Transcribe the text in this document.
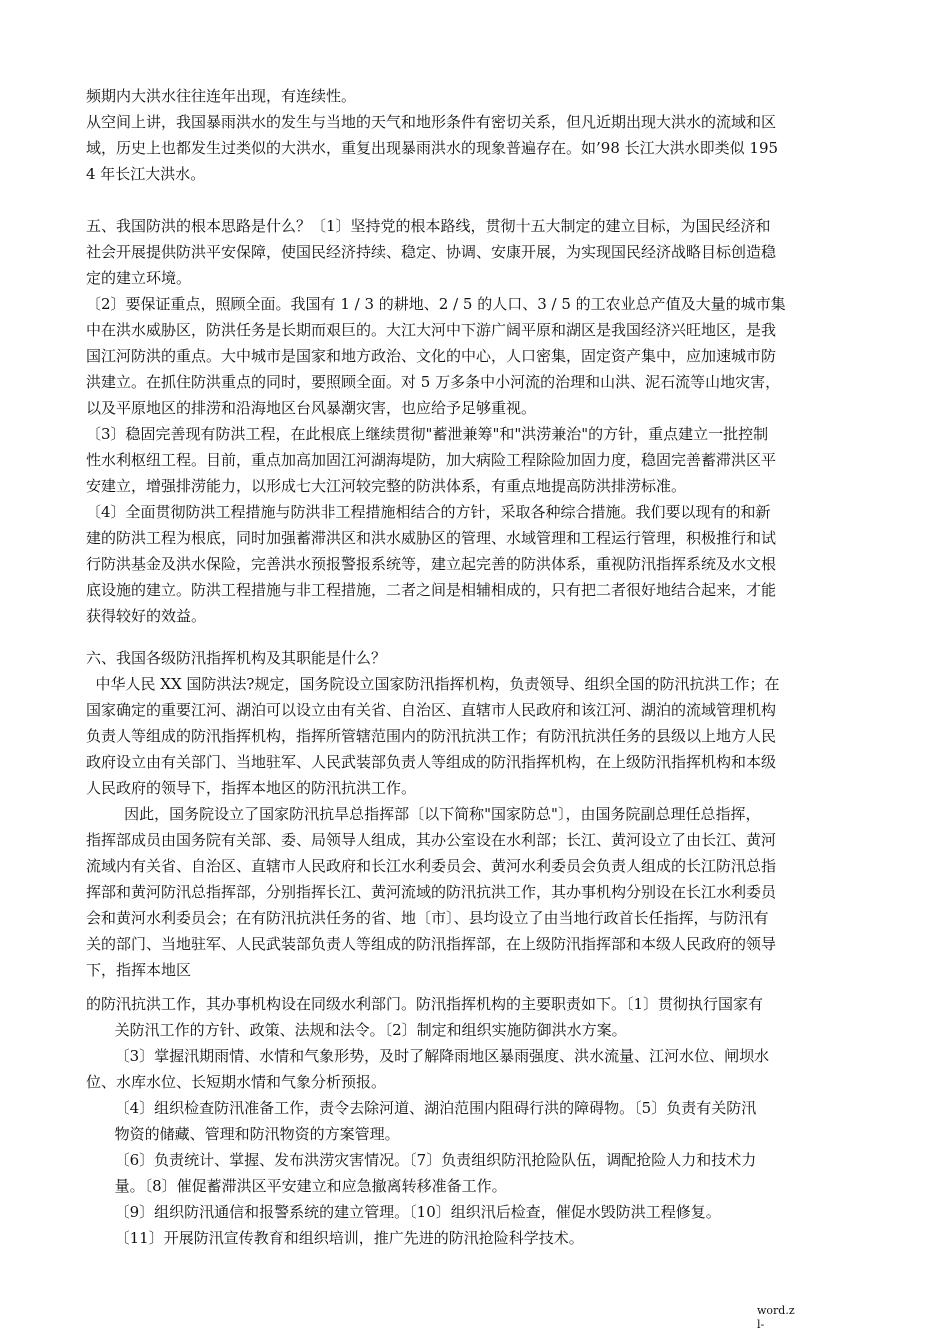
频期内大洪水往往连年出现，有连续性。
从空间上讲，我国暴雨洪水的发生与当地的天气和地形条件有密切关系，但凡近期出现大洪水的流域和区
域，历史上也都发生过类似的大洪水，重复出现暴雨洪水的现象普遍存在。如’98 长江大洪水即类似 195
4 年长江大洪水。
五、我国防洪的根本思路是什么？〔1〕坚持党的根本路线，贯彻十五大制定的建立目标，为国民经济和
社会开展提供防洪平安保障，使国民经济持续、稳定、协调、安康开展，为实现国民经济战略目标创造稳
定的建立环境。
〔2〕要保证重点，照顾全面。我国有 1 / 3 的耕地、2 / 5 的人口、3 / 5 的工农业总产值及大量的城市集
中在洪水威胁区，防洪任务是长期而艰巨的。大江大河中下游广阔平原和湖区是我国经济兴旺地区，是我
国江河防洪的重点。大中城市是国家和地方政治、文化的中心，人口密集，固定资产集中，应加速城市防
洪建立。在抓住防洪重点的同时，要照顾全面。对 5 万多条中小河流的治理和山洪、泥石流等山地灾害，
以及平原地区的排涝和沿海地区台风暴潮灾害，也应给予足够重视。
〔3〕稳固完善现有防洪工程，在此根底上继续贯彻"蓄泄兼筹"和"洪涝兼治"的方针，重点建立一批控制
性水利枢纽工程。目前，重点加高加固江河湖海堤防，加大病险工程除险加固力度，稳固完善蓄滞洪区平
安建立，增强排涝能力，以形成七大江河较完整的防洪体系，有重点地提高防洪排涝标准。
〔4〕全面贯彻防洪工程措施与防洪非工程措施相结合的方针，采取各种综合措施。我们要以现有的和新
建的防洪工程为根底，同时加强蓄滞洪区和洪水威胁区的管理、水域管理和工程运行管理，积极推行和试
行防洪基金及洪水保险，完善洪水预报警报系统等，建立起完善的防洪体系，重视防汛指挥系统及水文根
底设施的建立。防洪工程措施与非工程措施，二者之间是相辅相成的，只有把二者很好地结合起来，才能
获得较好的效益。
六、我国各级防汛指挥机构及其职能是什么？
中华人民 XX 国防洪法?规定，国务院设立国家防汛指挥机构，负责领导、组织全国的防汛抗洪工作；在
国家确定的重要江河、湖泊可以设立由有关省、自治区、直辖市人民政府和该江河、湖泊的流域管理机构
负责人等组成的防汛指挥机构，指挥所管辖范围内的防汛抗洪工作；有防汛抗洪任务的县级以上地方人民
政府设立由有关部门、当地驻军、人民武装部负责人等组成的防汛指挥机构，在上级防汛指挥机构和本级
人民政府的领导下，指挥本地区的防汛抗洪工作。
因此，国务院设立了国家防汛抗旱总指挥部〔以下简称"国家防总"〕，由国务院副总理任总指挥，
指挥部成员由国务院有关部、委、局领导人组成，其办公室设在水利部；长江、黄河设立了由长江、黄河
流域内有关省、自治区、直辖市人民政府和长江水利委员会、黄河水利委员会负责人组成的长江防汛总指
挥部和黄河防汛总指挥部，分别指挥长江、黄河流域的防汛抗洪工作，其办事机构分别设在长江水利委员
会和黄河水利委员会；在有防汛抗洪任务的省、地〔市〕、县均设立了由当地行政首长任指挥，与防汛有
关的部门、当地驻军、人民武装部负责人等组成的防汛指挥部，在上级防汛指挥部和本级人民政府的领导
下，指挥本地区
的防汛抗洪工作，其办事机构设在同级水利部门。防汛指挥机构的主要职责如下。〔1〕贯彻执行国家有
关防汛工作的方针、政策、法规和法令。〔2〕制定和组织实施防御洪水方案。
〔3〕掌握汛期雨情、水情和气象形势，及时了解降雨地区暴雨强度、洪水流量、江河水位、闸坝水
位、水库水位、长短期水情和气象分析预报。
〔4〕组织检查防汛准备工作，责令去除河道、湖泊范围内阻碍行洪的障碍物。〔5〕负责有关防汛
物资的储藏、管理和防汛物资的方案管理。
〔6〕负责统计、掌握、发布洪涝灾害情况。〔7〕负责组织防汛抢险队伍，调配抢险人力和技术力
量。〔8〕催促蓄滞洪区平安建立和应急撤离转移准备工作。
〔9〕组织防汛通信和报警系统的建立管理。〔10〕组织汛后检查，催促水毁防洪工程修复。
〔11〕开展防汛宣传教育和组织培训，推广先进的防汛抢险科学技术。
word.z
l-
